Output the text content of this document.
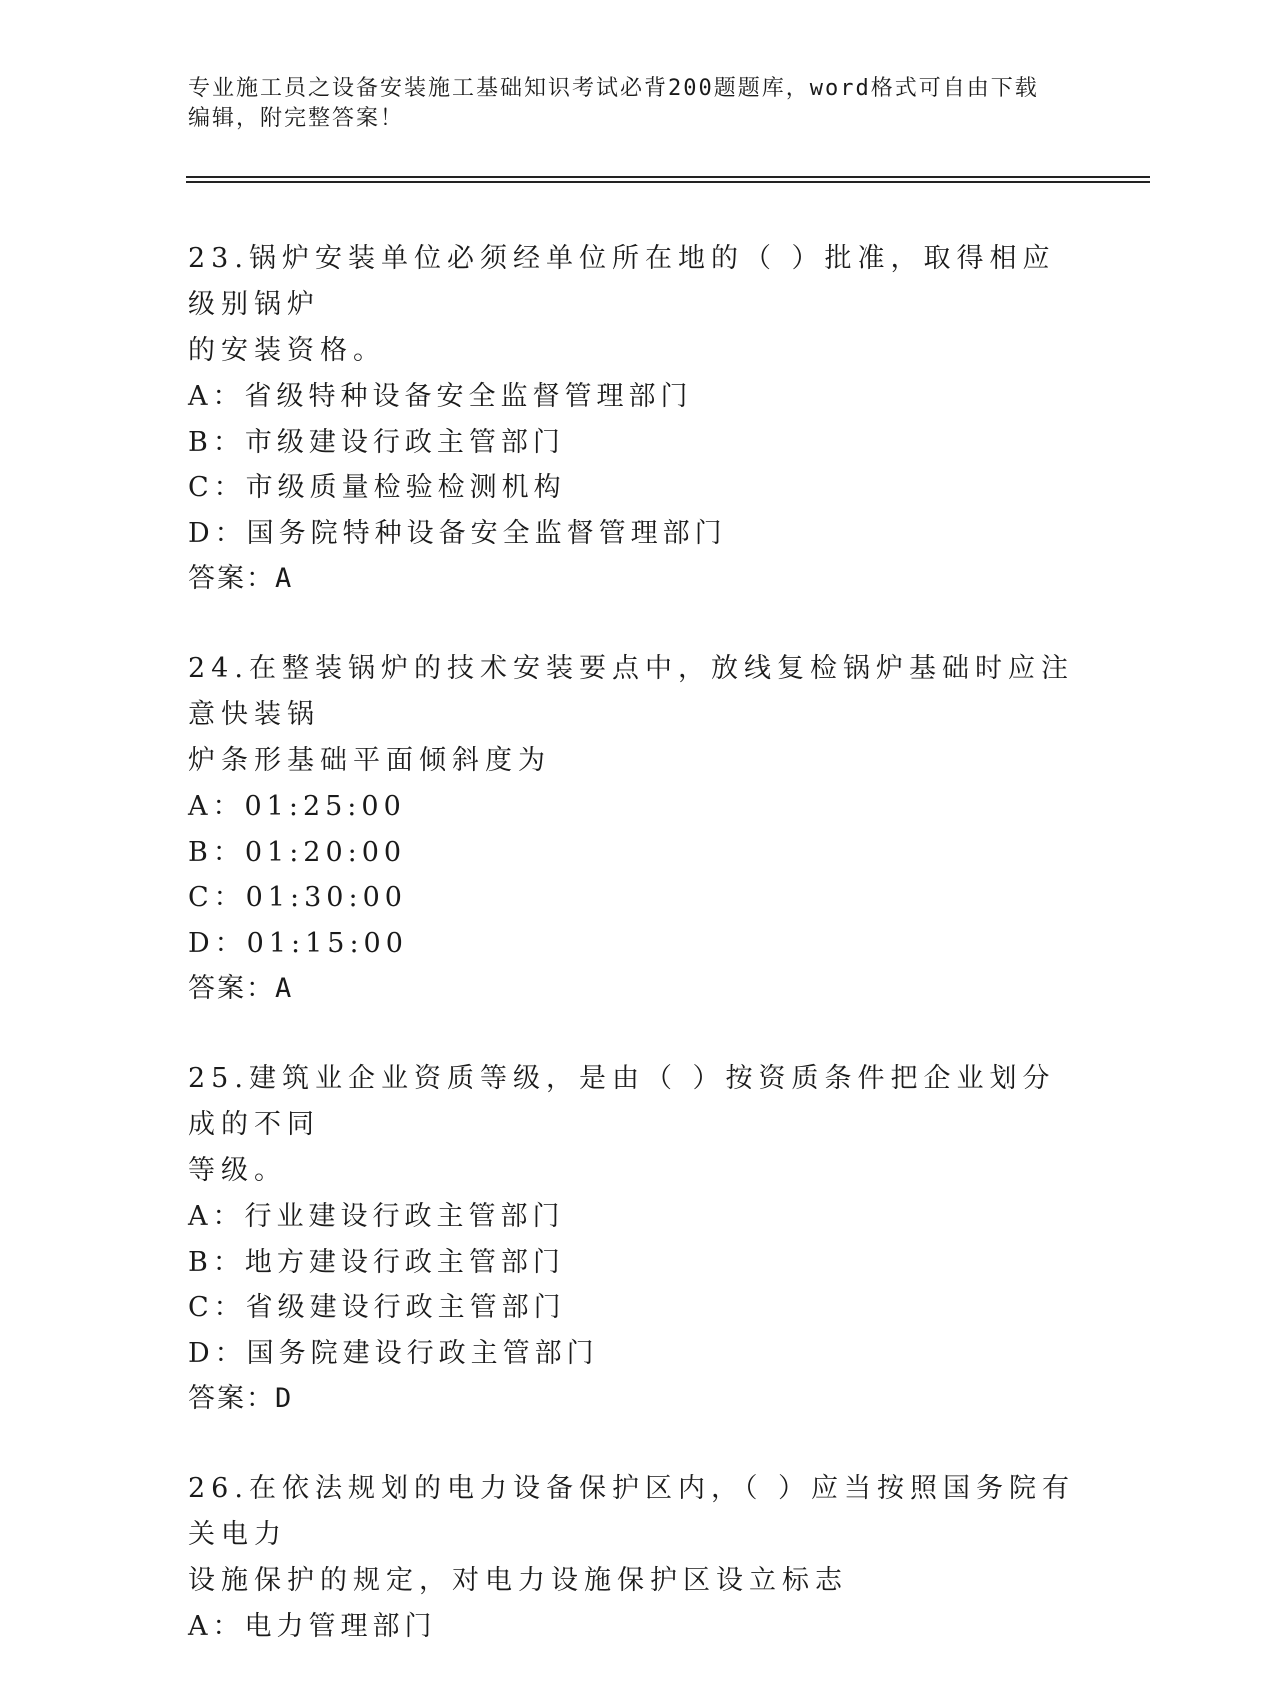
专业施工员之设备安装施工基础知识考试必背200题题库，word格式可自由下载
编辑，附完整答案！
23.锅炉安装单位必须经单位所在地的（ ）批准，取得相应级别锅炉
的安装资格。
A：省级特种设备安全监督管理部门
B：市级建设行政主管部门
C：市级质量检验检测机构
D：国务院特种设备安全监督管理部门
答案：A
24.在整装锅炉的技术安装要点中，放线复检锅炉基础时应注意快装锅
炉条形基础平面倾斜度为
A：01:25:00
B：01:20:00
C：01:30:00
D：01:15:00
答案：A
25.建筑业企业资质等级，是由（ ）按资质条件把企业划分成的不同
等级。
A：行业建设行政主管部门
B：地方建设行政主管部门
C：省级建设行政主管部门
D：国务院建设行政主管部门
答案：D
26.在依法规划的电力设备保护区内，（ ）应当按照国务院有关电力
设施保护的规定，对电力设施保护区设立标志
A：电力管理部门
